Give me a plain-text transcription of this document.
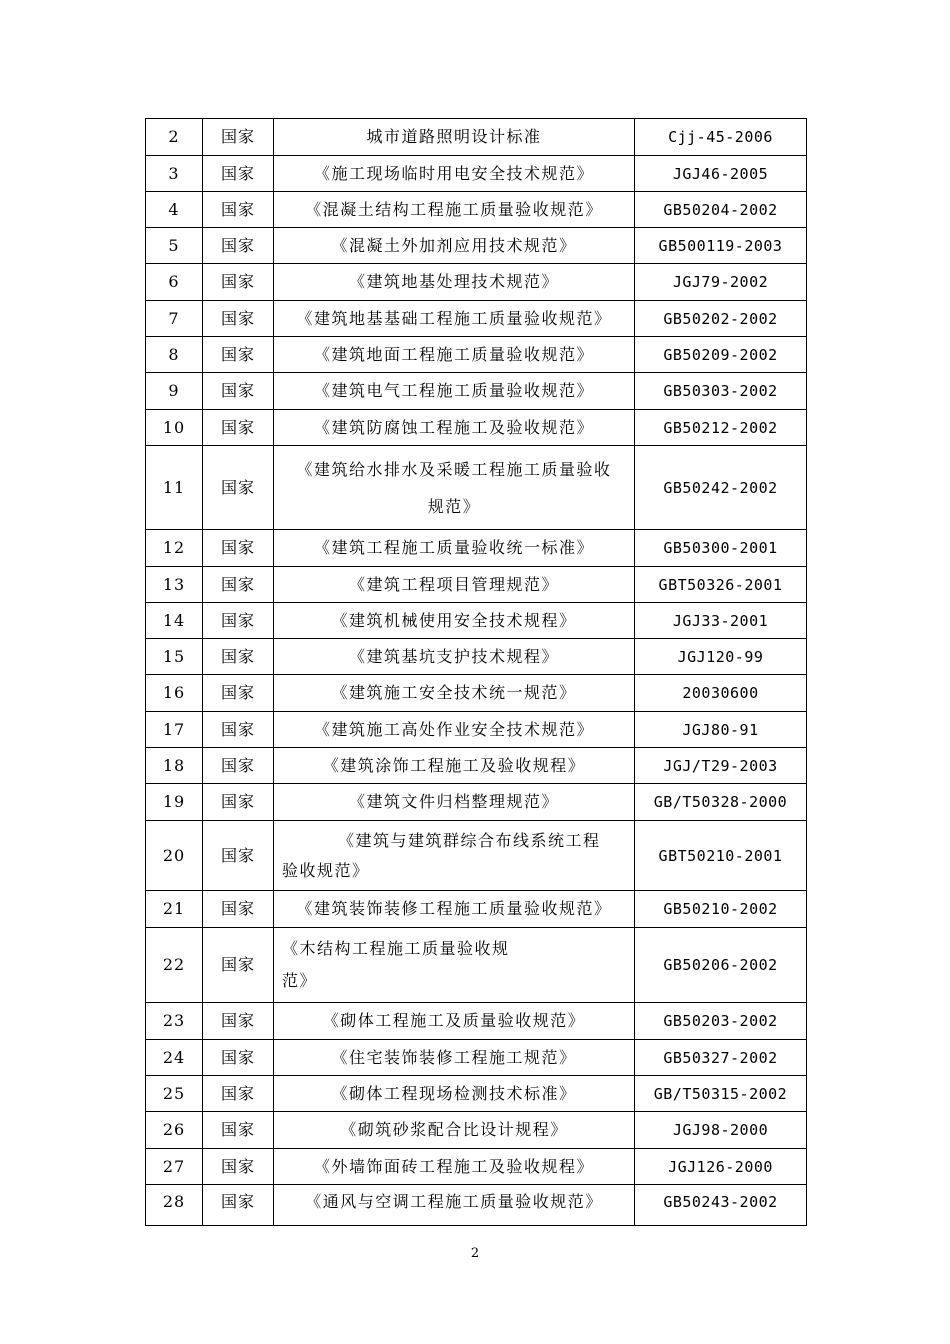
2	国家	城市道路照明设计标准	Cjj-45-2006
3	国家	《施工现场临时用电安全技术规范》	JGJ46-2005
4	国家	《混凝土结构工程施工质量验收规范》	GB50204-2002
5	国家	《混凝土外加剂应用技术规范》	GB500119-2003
6	国家	《建筑地基处理技术规范》	JGJ79-2002
7	国家	《建筑地基基础工程施工质量验收规范》	GB50202-2002
8	国家	《建筑地面工程施工质量验收规范》	GB50209-2002
9	国家	《建筑电气工程施工质量验收规范》	GB50303-2002
10	国家	《建筑防腐蚀工程施工及验收规范》	GB50212-2002
11	国家	《建筑给水排水及采暖工程施工质量验收
规范》	GB50242-2002
12	国家	《建筑工程施工质量验收统一标准》	GB50300-2001
13	国家	《建筑工程项目管理规范》	GBT50326-2001
14	国家	《建筑机械使用安全技术规程》	JGJ33-2001
15	国家	《建筑基坑支护技术规程》	JGJ120-99
16	国家	《建筑施工安全技术统一规范》	20030600
17	国家	《建筑施工高处作业安全技术规范》	JGJ80-91
18	国家	《建筑涂饰工程施工及验收规程》	JGJ/T29-2003
19	国家	《建筑文件归档整理规范》	GB/T50328-2000
20	国家	《建筑与建筑群综合布线系统工程
验收规范》	GBT50210-2001
21	国家	《建筑装饰装修工程施工质量验收规范》	GB50210-2002
22	国家	《木结构工程施工质量验收规
范》	GB50206-2002
23	国家	《砌体工程施工及质量验收规范》	GB50203-2002
24	国家	《住宅装饰装修工程施工规范》	GB50327-2002
25	国家	《砌体工程现场检测技术标准》	GB/T50315-2002
26	国家	《砌筑砂浆配合比设计规程》	JGJ98-2000
27	国家	《外墙饰面砖工程施工及验收规程》	JGJ126-2000
28	国家	《通风与空调工程施工质量验收规范》	GB50243-2002
2
